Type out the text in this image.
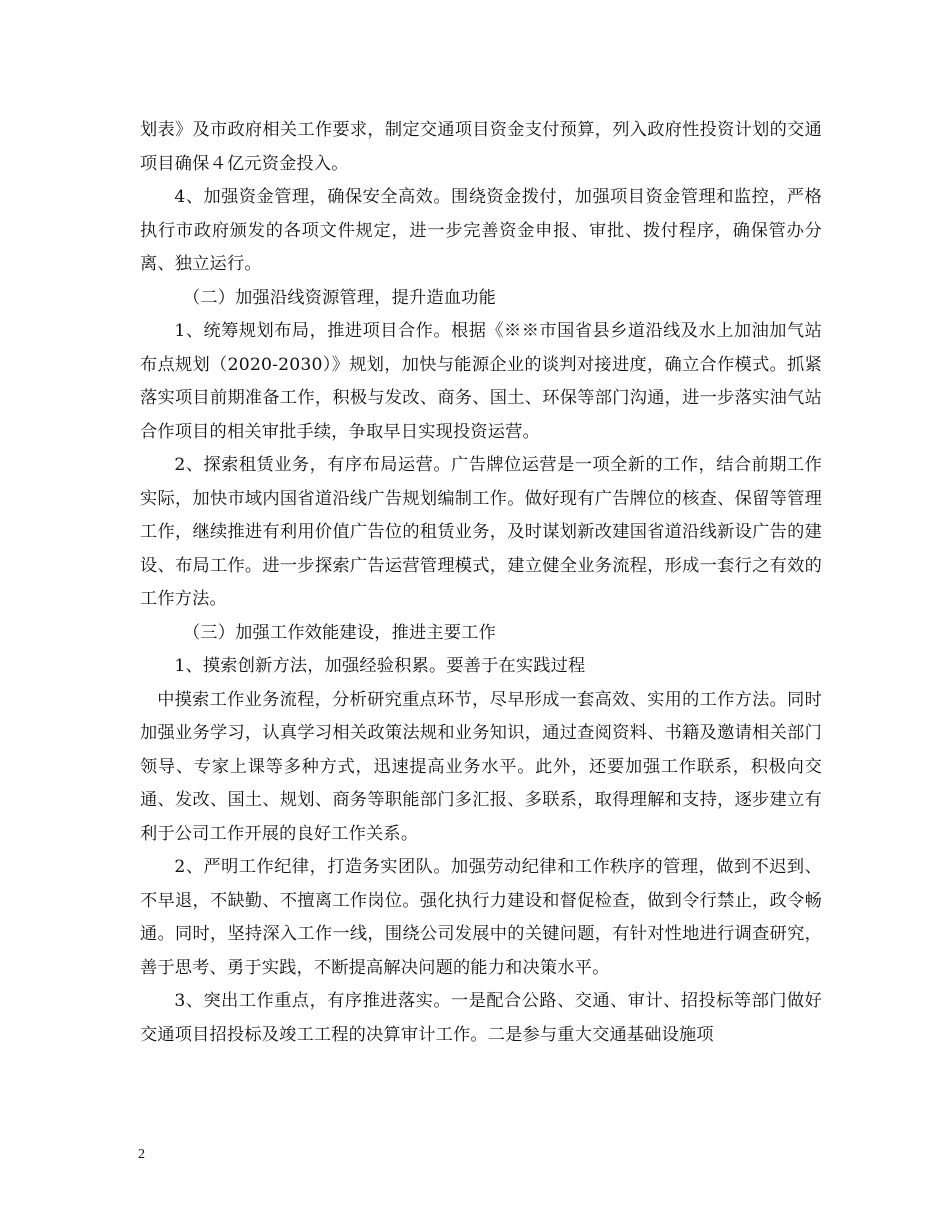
划表》及市政府相关工作要求，制定交通项目资金支付预算，列入政府性投资计划的交通项目确保４亿元资金投入。

4、加强资金管理，确保安全高效。围绕资金拨付，加强项目资金管理和监控，严格执行市政府颁发的各项文件规定，进一步完善资金申报、审批、拨付程序，确保管办分离、独立运行。

（二）加强沿线资源管理，提升造血功能

1、统筹规划布局，推进项目合作。根据《※※市国省县乡道沿线及水上加油加气站布点规划（2020-2030）》规划，加快与能源企业的谈判对接进度，确立合作模式。抓紧落实项目前期准备工作，积极与发改、商务、国土、环保等部门沟通，进一步落实油气站合作项目的相关审批手续，争取早日实现投资运营。

2、探索租赁业务，有序布局运营。广告牌位运营是一项全新的工作，结合前期工作实际，加快市域内国省道沿线广告规划编制工作。做好现有广告牌位的核查、保留等管理工作，继续推进有利用价值广告位的租赁业务，及时谋划新改建国省道沿线新设广告的建设、布局工作。进一步探索广告运营管理模式，建立健全业务流程，形成一套行之有效的工作方法。

（三）加强工作效能建设，推进主要工作

1、摸索创新方法，加强经验积累。要善于在实践过程

中摸索工作业务流程，分析研究重点环节，尽早形成一套高效、实用的工作方法。同时加强业务学习，认真学习相关政策法规和业务知识，通过查阅资料、书籍及邀请相关部门领导、专家上课等多种方式，迅速提高业务水平。此外，还要加强工作联系，积极向交通、发改、国土、规划、商务等职能部门多汇报、多联系，取得理解和支持，逐步建立有利于公司工作开展的良好工作关系。

2、严明工作纪律，打造务实团队。加强劳动纪律和工作秩序的管理，做到不迟到、不早退，不缺勤、不擅离工作岗位。强化执行力建设和督促检查，做到令行禁止，政令畅通。同时，坚持深入工作一线，围绕公司发展中的关键问题，有针对性地进行调查研究，善于思考、勇于实践，不断提高解决问题的能力和决策水平。

3、突出工作重点，有序推进落实。一是配合公路、交通、审计、招投标等部门做好交通项目招投标及竣工工程的决算审计工作。二是参与重大交通基础设施项

2
